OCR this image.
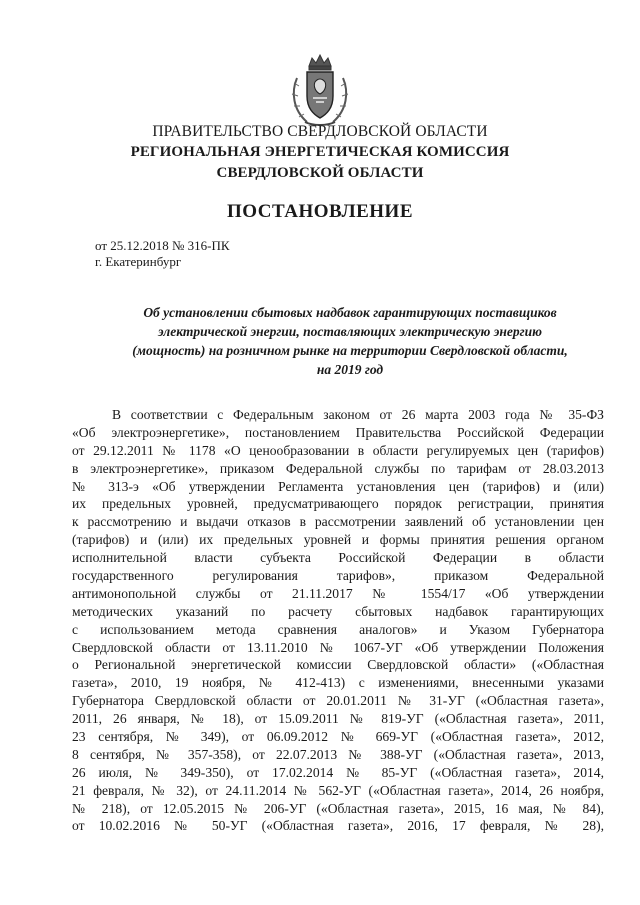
ПРАВИТЕЛЬСТВО СВЕРДЛОВСКОЙ ОБЛАСТИ
РЕГИОНАЛЬНАЯ ЭНЕРГЕТИЧЕСКАЯ КОМИССИЯ
СВЕРДЛОВСКОЙ ОБЛАСТИ
ПОСТАНОВЛЕНИЕ
от 25.12.2018 № 316-ПК
г. Екатеринбург
Об установлении сбытовых надбавок гарантирующих поставщиков
электрической энергии, поставляющих электрическую энергию
(мощность) на розничном рынке на территории Свердловской области,
на 2019 год
В соответствии с Федеральным законом от 26 марта 2003 года № 35-ФЗ
«Об электроэнергетике», постановлением Правительства Российской Федерации
от 29.12.2011 № 1178 «О ценообразовании в области регулируемых цен (тарифов)
в электроэнергетике», приказом Федеральной службы по тарифам от 28.03.2013
№ 313-э «Об утверждении Регламента установления цен (тарифов) и (или)
их предельных уровней, предусматривающего порядок регистрации, принятия
к рассмотрению и выдачи отказов в рассмотрении заявлений об установлении цен
(тарифов) и (или) их предельных уровней и формы принятия решения органом
исполнительной власти субъекта Российской Федерации в области
государственного регулирования тарифов», приказом Федеральной
антимонопольной службы от 21.11.2017 № 1554/17 «Об утверждении
методических указаний по расчету сбытовых надбавок гарантирующих
с использованием метода сравнения аналогов» и Указом Губернатора
Свердловской области от 13.11.2010 № 1067-УГ «Об утверждении Положения
о Региональной энергетической комиссии Свердловской области» («Областная
газета», 2010, 19 ноября, № 412-413) с изменениями, внесенными указами
Губернатора Свердловской области от 20.01.2011 № 31-УГ («Областная газета»,
2011, 26 января, № 18), от 15.09.2011 № 819-УГ («Областная газета», 2011,
23 сентября, № 349), от 06.09.2012 № 669-УГ («Областная газета», 2012,
8 сентября, № 357-358), от 22.07.2013 № 388-УГ («Областная газета», 2013,
26 июля, № 349-350), от 17.02.2014 № 85-УГ («Областная газета», 2014,
21 февраля, № 32), от 24.11.2014 № 562-УГ («Областная газета», 2014, 26 ноября,
№ 218), от 12.05.2015 № 206-УГ («Областная газета», 2015, 16 мая, № 84),
от 10.02.2016 № 50-УГ («Областная газета», 2016, 17 февраля, № 28),
